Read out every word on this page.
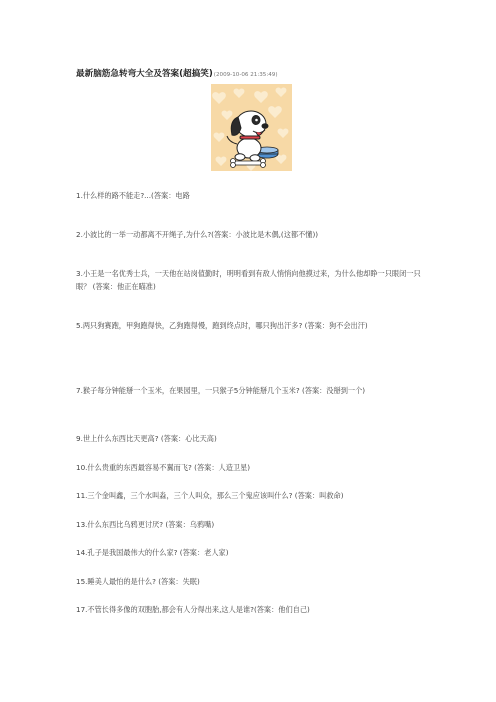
最新脑筋急转弯大全及答案(超搞笑)(2009-10-06 21:35:49)
1.什么样的路不能走?...(答案：电路
2.小波比的一举一动都离不开绳子,为什么?(答案：小波比是木偶,(这都不懂))
3.小王是一名优秀士兵，一天他在站岗值勤时，明明看到有敌人悄悄向他摸过来，为什么他却睁一只眼闭一只眼？ (答案：他正在瞄准)
5.两只狗赛跑，甲狗跑得快，乙狗跑得慢，跑到终点时，哪只狗出汗多? (答案：狗不会出汗)
7.猴子每分钟能掰一个玉米，在果园里，一只猴子5分钟能掰几个玉米? (答案：没掰到一个)
9.世上什么东西比天更高? (答案：心比天高)
10.什么贵重的东西最容易不翼而飞? (答案：人造卫星)
11.三个金叫鑫，三个水叫淼，三个人叫众，那么三个鬼应该叫什么? (答案：叫救命)
13.什么东西比乌鸦更讨厌? (答案：乌鸦嘴)
14.孔子是我国最伟大的什么家? (答案：老人家)
15.睡美人最怕的是什么? (答案：失眠)
17.不管长得多像的双胞胎,都会有人分得出来,这人是谁?(答案：他们自己)
